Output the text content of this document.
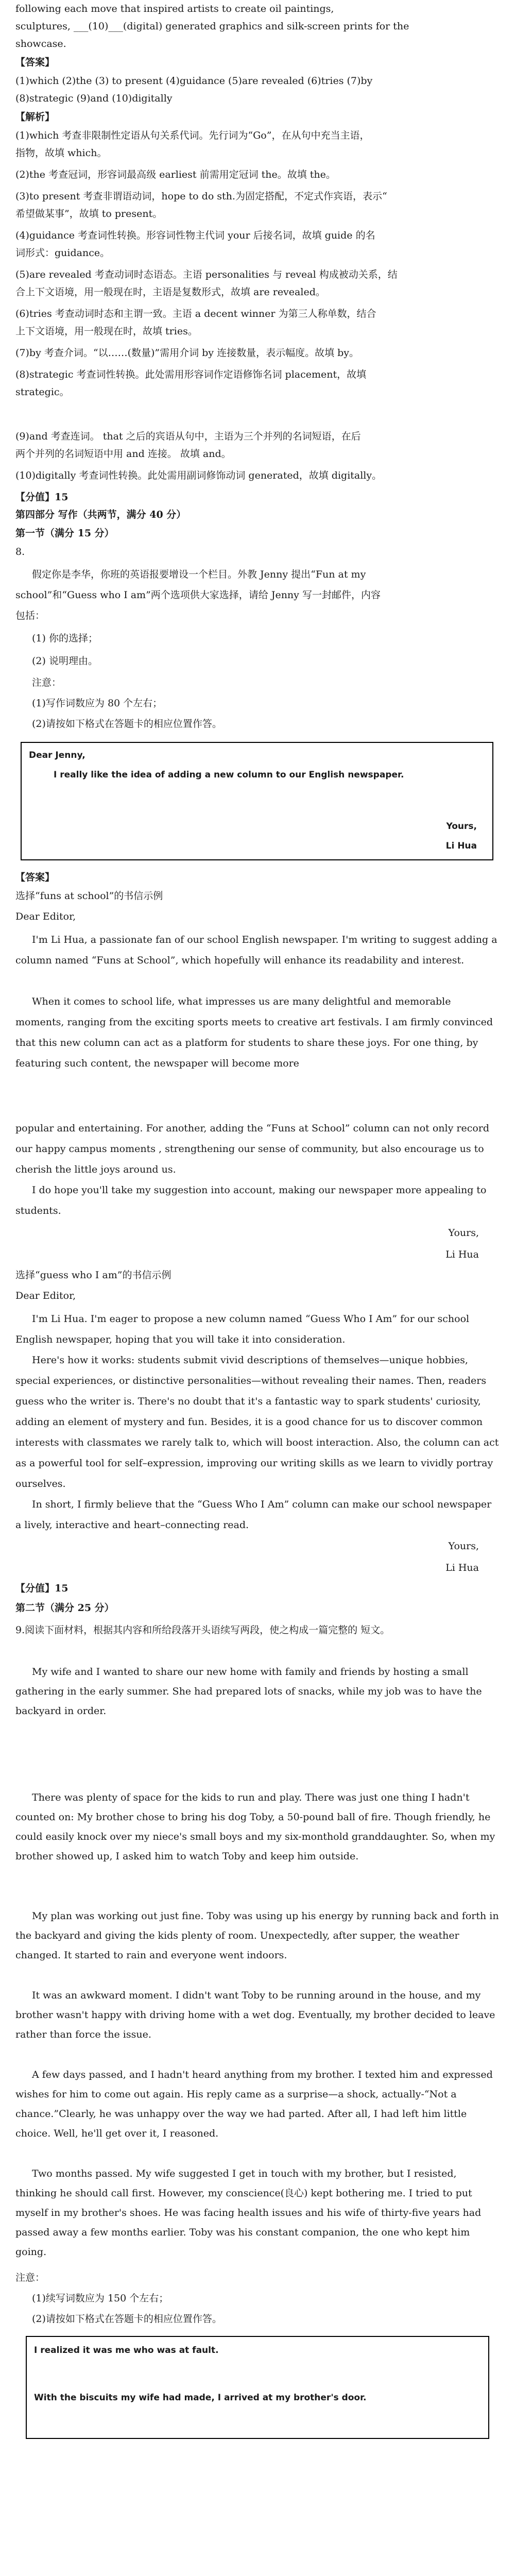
following each move that inspired artists to create oil paintings,

sculptures, ___(10)___(digital) generated graphics and silk-screen prints for the

showcase.

【答案】

(1)which (2)the (3) to present (4)guidance (5)are revealed (6)tries (7)by

(8)strategic (9)and (10)digitally

【解析】

(1)which 考查非限制性定语从句关系代词。先行词为“Go”，在从句中充当主语，

指物，故填 which。

(2)the 考查冠词，形容词最高级 earliest 前需用定冠词 the。故填 the。

(3)to present 考查非谓语动词，hope to do sth.为固定搭配，不定式作宾语，表示“

希望做某事”，故填 to present。

(4)guidance 考查词性转换。形容词性物主代词 your 后接名词，故填 guide 的名

词形式：guidance。

(5)are revealed 考查动词时态语态。主语 personalities 与 reveal 构成被动关系，结

合上下文语境，用一般现在时，主语是复数形式，故填 are revealed。

(6)tries 考查动词时态和主谓一致。主语 a decent winner 为第三人称单数，结合

上下文语境，用一般现在时，故填 tries。

(7)by 考查介词。“以……(数量)”需用介词 by 连接数量，表示幅度。故填 by。

(8)strategic 考查词性转换。此处需用形容词作定语修饰名词 placement，故填

strategic。

(9)and 考查连词。 that 之后的宾语从句中，主语为三个并列的名词短语，在后

两个并列的名词短语中用 and 连接。 故填 and。

(10)digitally 考查词性转换。此处需用副词修饰动词 generated，故填 digitally。

【分值】15

第四部分 写作（共两节，满分 40 分）

第一节（满分 15 分）

8.

假定你是李华，你班的英语报要增设一个栏目。外教 Jenny 提出“Fun at my

school”和“Guess who I am”两个选项供大家选择，请给 Jenny 写一封邮件，内容

包括：

(1) 你的选择；

(2) 说明理由。

注意：

(1)写作词数应为 80 个左右；

(2)请按如下格式在答题卡的相应位置作答。

Dear Jenny,

I really like the idea of adding a new column to our English newspaper.

Yours,

Li Hua

【答案】

选择“funs at school”的书信示例

Dear Editor,

I'm Li Hua, a passionate fan of our school English newspaper. I'm writing to suggest adding a column named “Funs at School”, which hopefully will enhance its readability and interest.

When it comes to school life, what impresses us are many delightful and memorable moments, ranging from the exciting sports meets to creative art festivals. I am firmly convinced that this new column can act as a platform for students to share these joys. For one thing, by featuring such content, the newspaper will become more

popular and entertaining. For another, adding the “Funs at School” column can not only record our happy campus moments , strengthening our sense of community, but also encourage us to cherish the little joys around us.

I do hope you'll take my suggestion into account, making our newspaper more appealing to students.

Yours,

Li Hua

选择“guess who I am”的书信示例

Dear Editor,

I'm Li Hua. I'm eager to propose a new column named “Guess Who I Am” for our school English newspaper, hoping that you will take it into consideration.

Here's how it works: students submit vivid descriptions of themselves—unique hobbies, special experiences, or distinctive personalities—without revealing their names. Then, readers guess who the writer is. There's no doubt that it's a fantastic way to spark students' curiosity, adding an element of mystery and fun. Besides, it is a good chance for us to discover common interests with classmates we rarely talk to, which will boost interaction. Also, the column can act as a powerful tool for self–expression, improving our writing skills as we learn to vividly portray ourselves.

In short, I firmly believe that the “Guess Who I Am” column can make our school newspaper a lively, interactive and heart–connecting read.

Yours,

Li Hua

【分值】15

第二节（满分 25 分）

9.阅读下面材料，根据其内容和所给段落开头语续写两段，使之构成一篇完整的 短文。

My wife and I wanted to share our new home with family and friends by hosting a small gathering in the early summer. She had prepared lots of snacks, while my job was to have the backyard in order.

There was plenty of space for the kids to run and play. There was just one thing I hadn't counted on: My brother chose to bring his dog Toby, a 50-pound ball of fire. Though friendly, he could easily knock over my niece's small boys and my six-monthold granddaughter. So, when my brother showed up, I asked him to watch Toby and keep him outside.

My plan was working out just fine. Toby was using up his energy by running back and forth in the backyard and giving the kids plenty of room. Unexpectedly, after supper, the weather changed. It started to rain and everyone went indoors.

It was an awkward moment. I didn't want Toby to be running around in the house, and my brother wasn't happy with driving home with a wet dog. Eventually, my brother decided to leave rather than force the issue.

A few days passed, and I hadn't heard anything from my brother. I texted him and expressed wishes for him to come out again. His reply came as a surprise—a shock, actually-“Not a chance.”Clearly, he was unhappy over the way we had parted. After all, I had left him little choice. Well, he'll get over it, I reasoned.

Two months passed. My wife suggested I get in touch with my brother, but I resisted, thinking he should call first. However, my conscience(良心) kept bothering me. I tried to put myself in my brother's shoes. He was facing health issues and his wife of thirty-five years had passed away a few months earlier. Toby was his constant companion, the one who kept him going.

注意：

(1)续写词数应为 150 个左右；

(2)请按如下格式在答题卡的相应位置作答。

I realized it was me who was at fault.

With the biscuits my wife had made, I arrived at my brother's door.
